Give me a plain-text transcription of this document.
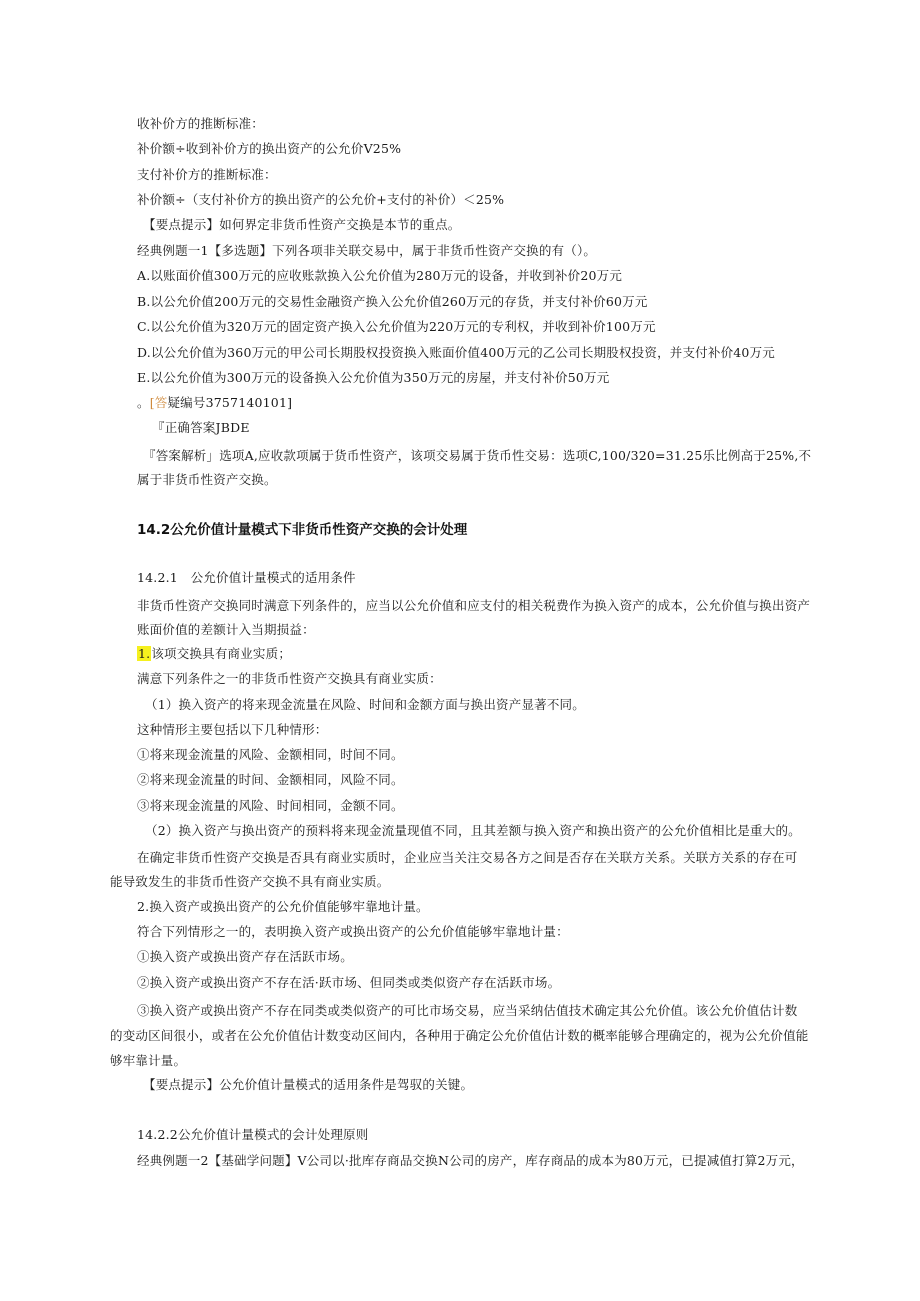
收补价方的推断标准：
补价额÷收到补价方的换出资产的公允价V25%
支付补价方的推断标准：
补价额÷（支付补价方的换出资产的公允价+支付的补价）＜25%
【要点提示】如何界定非货币性资产交换是本节的重点。
经典例题一1【多选题】下列各项非关联交易中，属于非货币性资产交换的有（）。
A.以账面价值300万元的应收账款换入公允价值为280万元的设备，并收到补价20万元
B.以公允价值200万元的交易性金融资产换入公允价值260万元的存货，并支付补价60万元
C.以公允价值为320万元的固定资产换入公允价值为220万元的专利权，并收到补价100万元
D.以公允价值为360万元的甲公司长期股权投资换入账面价值400万元的乙公司长期股权投资，并支付补价40万元
E.以公允价值为300万元的设备换入公允价值为350万元的房屋，并支付补价50万元
。[答疑编号3757140101]
『正确答案JBDE
『答案解析」选项A,应收款项属于货币性资产，该项交易属于货币性交易：选项C,100/320=31.25乐比例高于25%,不属于非货币性资产交换。
14.2公允价值计量模式下非货币性资产交换的会计处理
14.2.1　公允价值计量模式的适用条件
非货币性资产交换同时满意下列条件的，应当以公允价值和应支付的相关税费作为换入资产的成本，公允价值与换出资产账面价值的差额计入当期损益：
1.该项交换具有商业实质；
满意下列条件之一的非货币性资产交换具有商业实质：
（1）换入资产的将来现金流量在风险、时间和金额方面与换出资产显著不同。
这种情形主要包括以下几种情形：
①将来现金流量的风险、金额相同，时间不同。
②将来现金流量的时间、金额相同，风险不同。
③将来现金流量的风险、时间相同，金额不同。
（2）换入资产与换出资产的预料将来现金流量现值不同，且其差额与换入资产和换出资产的公允价值相比是重大的。
在确定非货币性资产交换是否具有商业实质时，企业应当关注交易各方之间是否存在关联方关系。关联方关系的存在可能导致发生的非货币性资产交换不具有商业实质。
2.换入资产或换出资产的公允价值能够牢靠地计量。
符合下列情形之一的，表明换入资产或换出资产的公允价值能够牢靠地计量：
①换入资产或换出资产存在活跃市场。
②换入资产或换出资产不存在活·跃市场、但同类或类似资产存在活跃市场。
③换入资产或换出资产不存在同类或类似资产的可比市场交易，应当采纳估值技术确定其公允价值。该公允价值估计数的变动区间很小，或者在公允价值估计数变动区间内，各种用于确定公允价值估计数的概率能够合理确定的，视为公允价值能够牢靠计量。
【要点提示】公允价值计量模式的适用条件是驾驭的关键。
14.2.2公允价值计量模式的会计处理原则
经典例题一2【基础学问题】V公司以·批库存商品交换N公司的房产，库存商品的成本为80万元，已提减值打算2万元，
